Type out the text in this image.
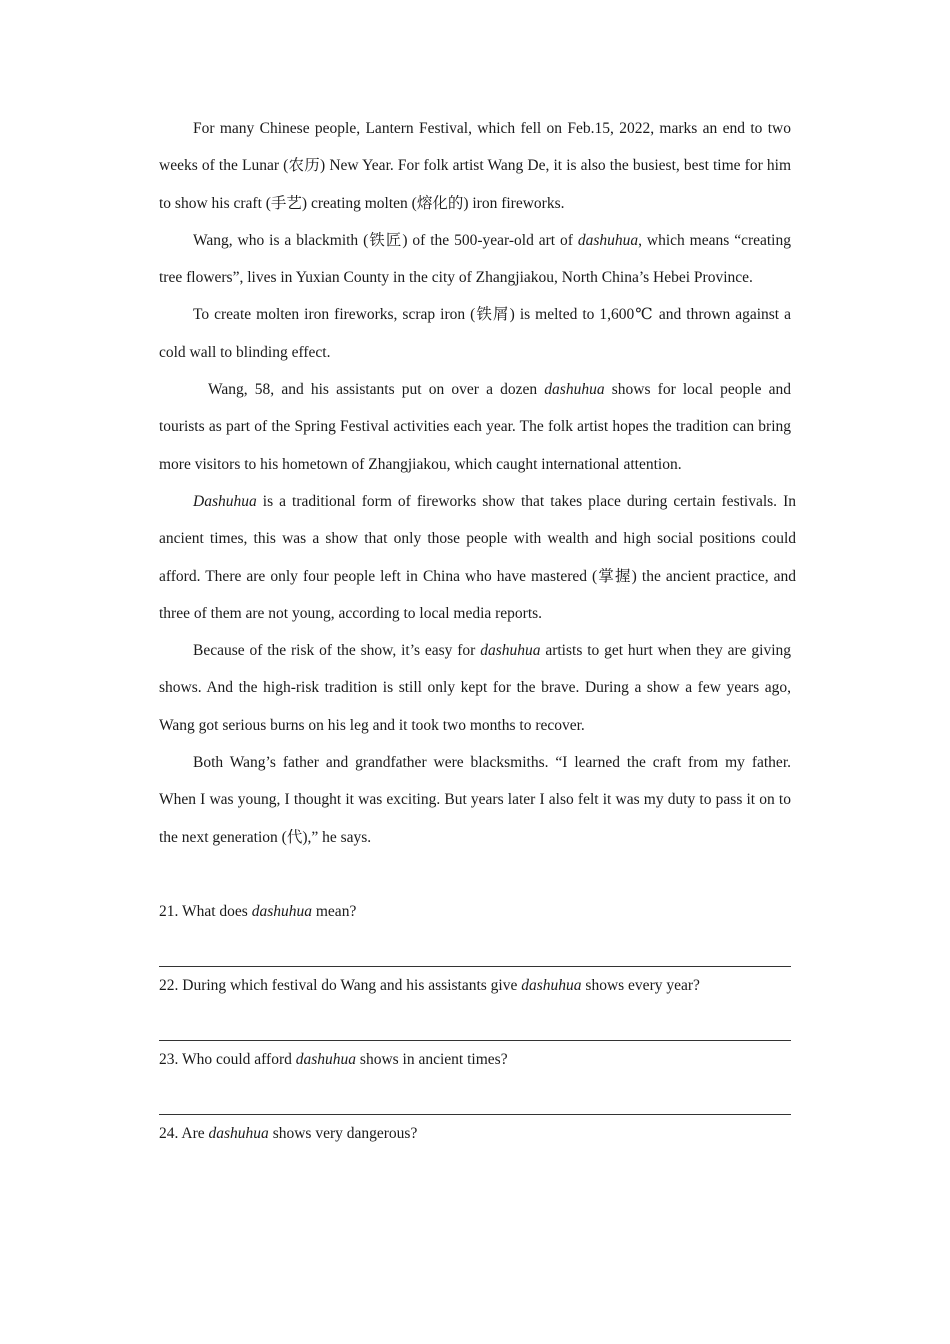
For many Chinese people, Lantern Festival, which fell on Feb.15, 2022, marks an end to two weeks of the Lunar (农历) New Year. For folk artist Wang De, it is also the busiest, best time for him to show his craft (手艺) creating molten (熔化的) iron fireworks.

Wang, who is a blackmith (铁匠) of the 500-year-old art of dashuhua, which means “creating tree flowers”, lives in Yuxian County in the city of Zhangjiakou, North China’s Hebei Province.

To create molten iron fireworks, scrap iron (铁屑) is melted to 1,600℃ and thrown against a cold wall to blinding effect.

Wang, 58, and his assistants put on over a dozen dashuhua shows for local people and tourists as part of the Spring Festival activities each year. The folk artist hopes the tradition can bring more visitors to his hometown of Zhangjiakou, which caught international attention.

Dashuhua is a traditional form of fireworks show that takes place during certain festivals. In ancient times, this was a show that only those people with wealth and high social positions could afford. There are only four people left in China who have mastered (掌握) the ancient practice, and three of them are not young, according to local media reports.

Because of the risk of the show, it’s easy for dashuhua artists to get hurt when they are giving shows. And the high-risk tradition is still only kept for the brave. During a show a few years ago, Wang got serious burns on his leg and it took two months to recover.

Both Wang’s father and grandfather were blacksmiths. “I learned the craft from my father. When I was young, I thought it was exciting. But years later I also felt it was my duty to pass it on to the next generation (代),” he says.

21. What does dashuhua mean?

22. During which festival do Wang and his assistants give dashuhua shows every year?

23. Who could afford dashuhua shows in ancient times?

24. Are dashuhua shows very dangerous?
